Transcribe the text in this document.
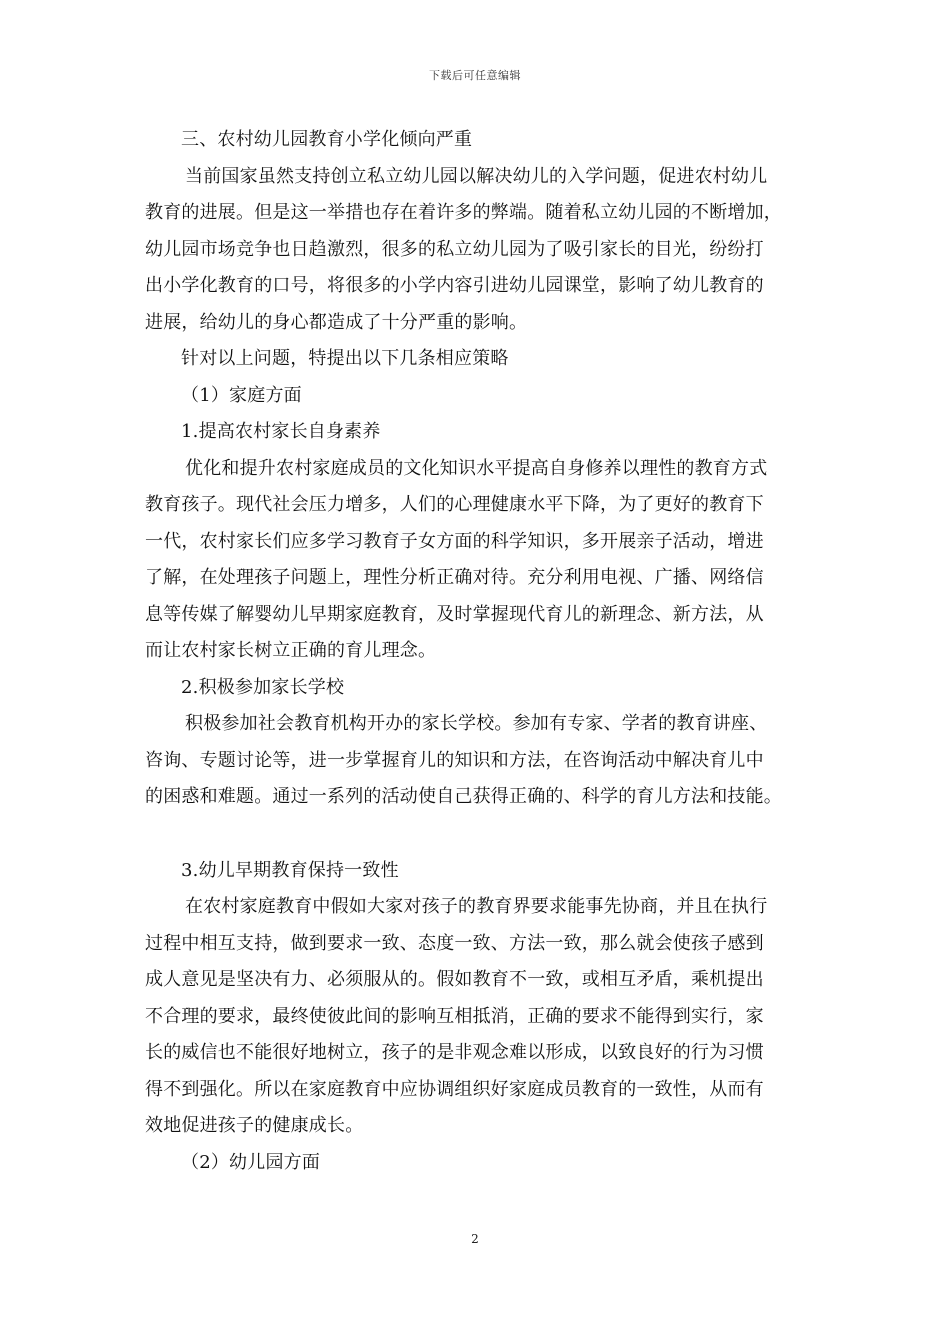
下载后可任意编辑
三、农村幼儿园教育小学化倾向严重
当前国家虽然支持创立私立幼儿园以解决幼儿的入学问题，促进农村幼儿
教育的进展。但是这一举措也存在着许多的弊端。随着私立幼儿园的不断增加，
幼儿园市场竞争也日趋激烈，很多的私立幼儿园为了吸引家长的目光，纷纷打
出小学化教育的口号，将很多的小学内容引进幼儿园课堂，影响了幼儿教育的
进展，给幼儿的身心都造成了十分严重的影响。
针对以上问题，特提出以下几条相应策略
（1）家庭方面
1.提高农村家长自身素养
优化和提升农村家庭成员的文化知识水平提高自身修养以理性的教育方式
教育孩子。现代社会压力增多，人们的心理健康水平下降，为了更好的教育下
一代，农村家长们应多学习教育子女方面的科学知识，多开展亲子活动，增进
了解，在处理孩子问题上，理性分析正确对待。充分利用电视、广播、网络信
息等传媒了解婴幼儿早期家庭教育，及时掌握现代育儿的新理念、新方法，从
而让农村家长树立正确的育儿理念。
2.积极参加家长学校
积极参加社会教育机构开办的家长学校。参加有专家、学者的教育讲座、
咨询、专题讨论等，进一步掌握育儿的知识和方法，在咨询活动中解决育儿中
的困惑和难题。通过一系列的活动使自己获得正确的、科学的育儿方法和技能。
3.幼儿早期教育保持一致性
在农村家庭教育中假如大家对孩子的教育界要求能事先协商，并且在执行
过程中相互支持，做到要求一致、态度一致、方法一致，那么就会使孩子感到
成人意见是坚决有力、必须服从的。假如教育不一致，或相互矛盾，乘机提出
不合理的要求，最终使彼此间的影响互相抵消，正确的要求不能得到实行，家
长的威信也不能很好地树立，孩子的是非观念难以形成，以致良好的行为习惯
得不到强化。所以在家庭教育中应协调组织好家庭成员教育的一致性，从而有
效地促进孩子的健康成长。
（2）幼儿园方面
2
